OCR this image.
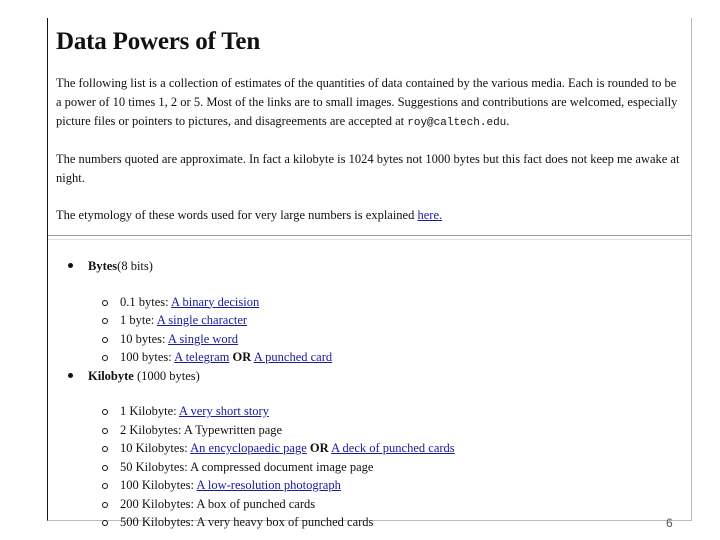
Data Powers of Ten

The following list is a collection of estimates of the quantities of data contained by the various media. Each is rounded to be a power of 10 times 1, 2 or 5. Most of the links are to small images. Suggestions and contributions are welcomed, especially picture files or pointers to pictures, and disagreements are accepted at roy@caltech.edu.

The numbers quoted are approximate. In fact a kilobyte is 1024 bytes not 1000 bytes but this fact does not keep me awake at night.

The etymology of these words used for very large numbers is explained here.

Bytes(8 bits)
0.1 bytes: A binary decision
1 byte: A single character
10 bytes: A single word
100 bytes: A telegram OR A punched card
Kilobyte (1000 bytes)
1 Kilobyte: A very short story
2 Kilobytes: A Typewritten page
10 Kilobytes: An encyclopaedic page OR A deck of punched cards
50 Kilobytes: A compressed document image page
100 Kilobytes: A low-resolution photograph
200 Kilobytes: A box of punched cards
500 Kilobytes: A very heavy box of punched cards	6
